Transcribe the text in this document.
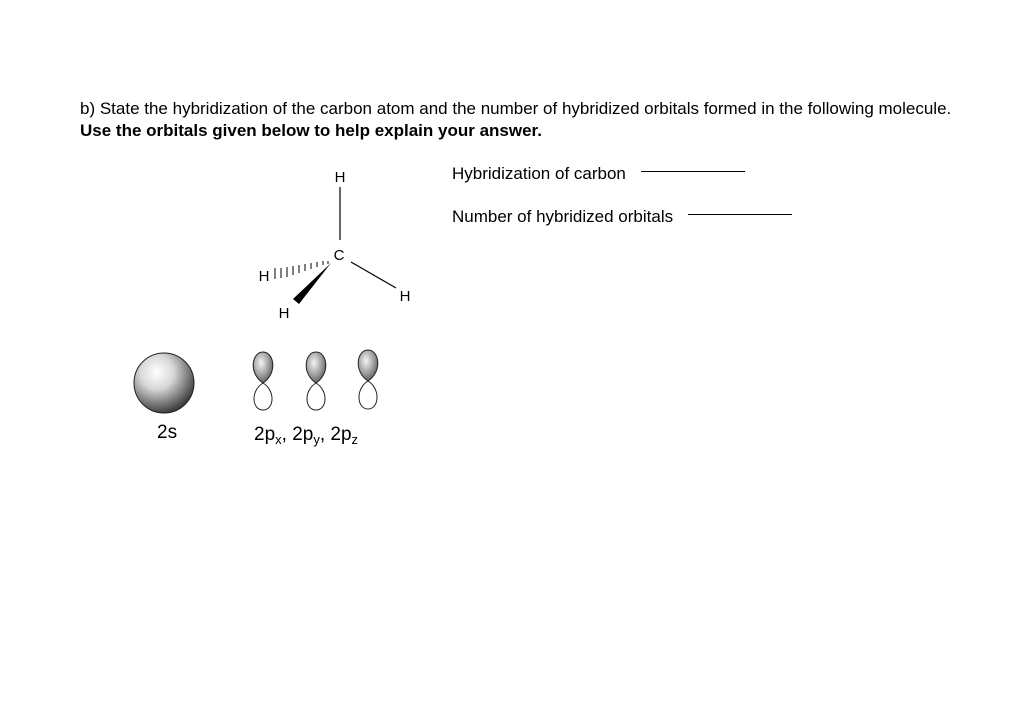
b) State the hybridization of the carbon atom and the number of hybridized orbitals formed in the following molecule. Use the orbitals given below to help explain your answer.
Hybridization of carbon
Number of hybridized orbitals
H
C
H
H
H
2s	$2p_x$, $2p_y$, $2p_z$
